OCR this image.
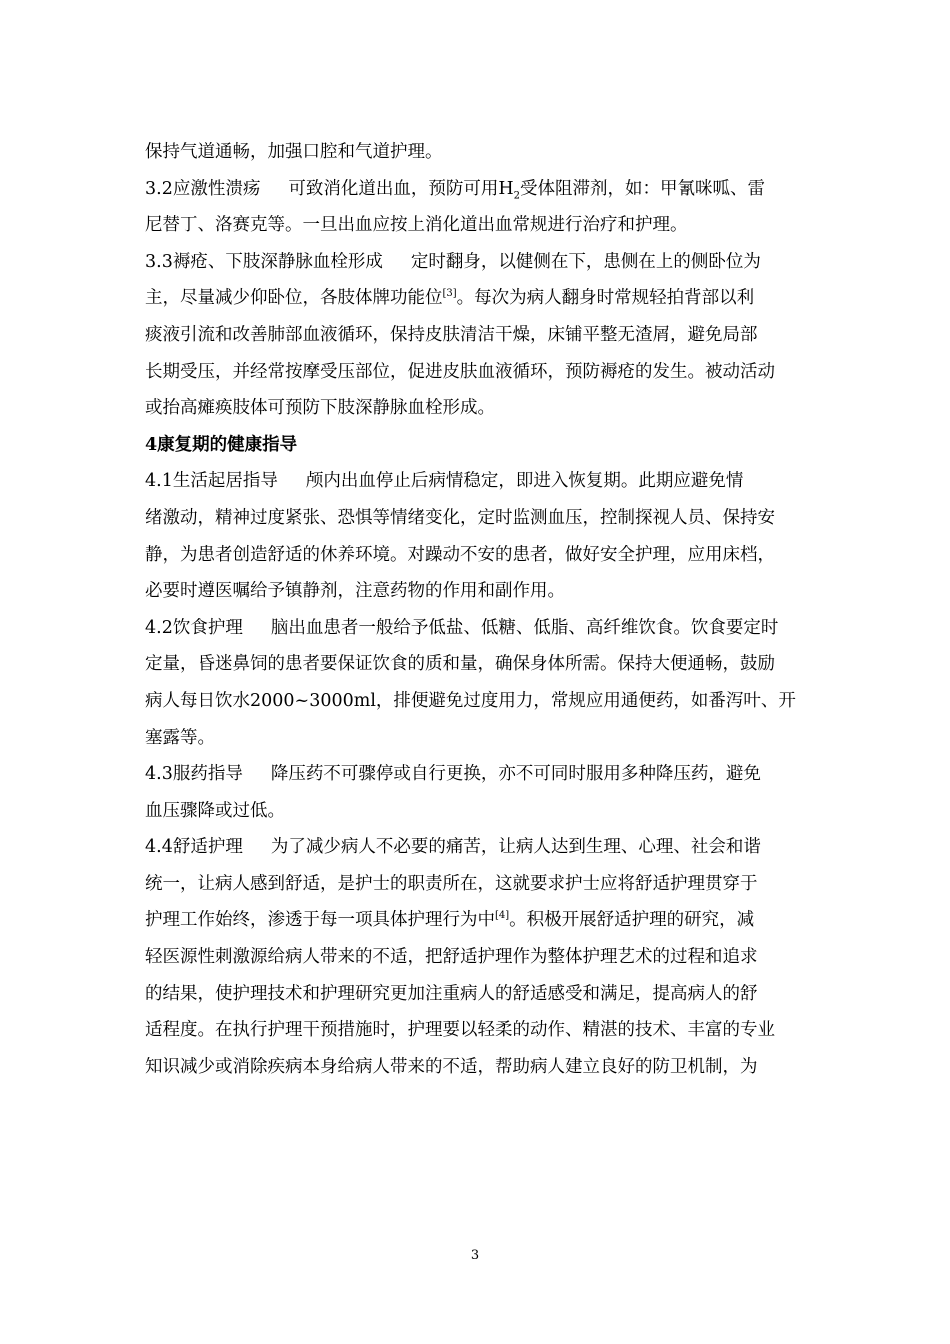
保持气道通畅，加强口腔和气道护理。
3.2应激性溃疡 可致消化道出血，预防可用$H_2$受体阻滞剂，如：甲氰咪呱、雷
尼替丁、洛赛克等。一旦出血应按上消化道出血常规进行治疗和护理。
3.3褥疮、下肢深静脉血栓形成 定时翻身，以健侧在下，患侧在上的侧卧位为
主，尽量减少仰卧位，各肢体牌功能位[3]。每次为病人翻身时常规轻拍背部以利
痰液引流和改善肺部血液循环，保持皮肤清洁干燥，床铺平整无渣屑，避免局部
长期受压，并经常按摩受压部位，促进皮肤血液循环，预防褥疮的发生。被动活动
或抬高瘫痪肢体可预防下肢深静脉血栓形成。
4康复期的健康指导
4.1生活起居指导 颅内出血停止后病情稳定，即进入恢复期。此期应避免情
绪激动，精神过度紧张、恐惧等情绪变化，定时监测血压，控制探视人员、保持安
静，为患者创造舒适的休养环境。对躁动不安的患者，做好安全护理，应用床档，
必要时遵医嘱给予镇静剂，注意药物的作用和副作用。
4.2饮食护理 脑出血患者一般给予低盐、低糖、低脂、高纤维饮食。饮食要定时
定量，昏迷鼻饲的患者要保证饮食的质和量，确保身体所需。保持大便通畅，鼓励
病人每日饮水2000~3000ml，排便避免过度用力，常规应用通便药，如番泻叶、开
塞露等。
4.3服药指导 降压药不可骤停或自行更换，亦不可同时服用多种降压药，避免
血压骤降或过低。
4.4舒适护理 为了减少病人不必要的痛苦，让病人达到生理、心理、社会和谐
统一，让病人感到舒适，是护士的职责所在，这就要求护士应将舒适护理贯穿于
护理工作始终，渗透于每一项具体护理行为中[4]。积极开展舒适护理的研究，减
轻医源性刺激源给病人带来的不适，把舒适护理作为整体护理艺术的过程和追求
的结果，使护理技术和护理研究更加注重病人的舒适感受和满足，提高病人的舒
适程度。在执行护理干预措施时，护理要以轻柔的动作、精湛的技术、丰富的专业
知识减少或消除疾病本身给病人带来的不适，帮助病人建立良好的防卫机制，为
3
